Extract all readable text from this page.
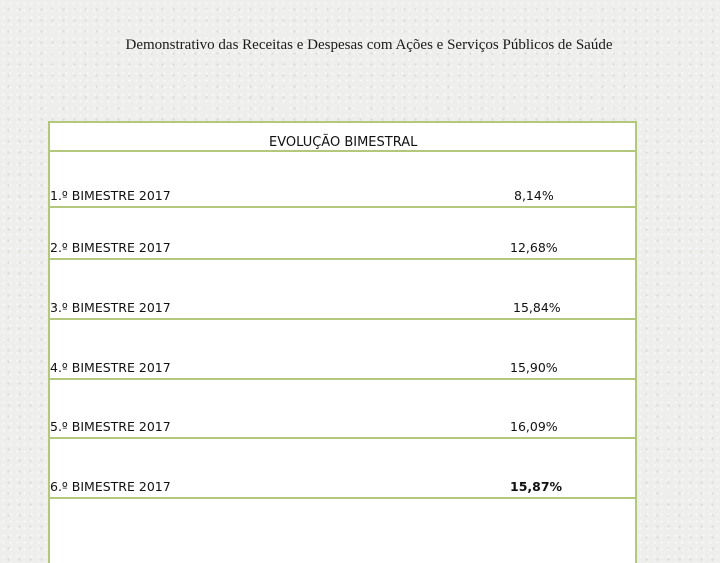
Demonstrativo das Receitas e Despesas com Ações e Serviços Públicos de Saúde
EVOLUÇÃO BIMESTRAL
1.º BIMESTRE 2017	8,14%
2.º BIMESTRE 2017	12,68%
3.º BIMESTRE 2017	15,84%
4.º BIMESTRE 2017	15,90%
5.º BIMESTRE 2017	16,09%
6.º BIMESTRE 2017	15,87%
